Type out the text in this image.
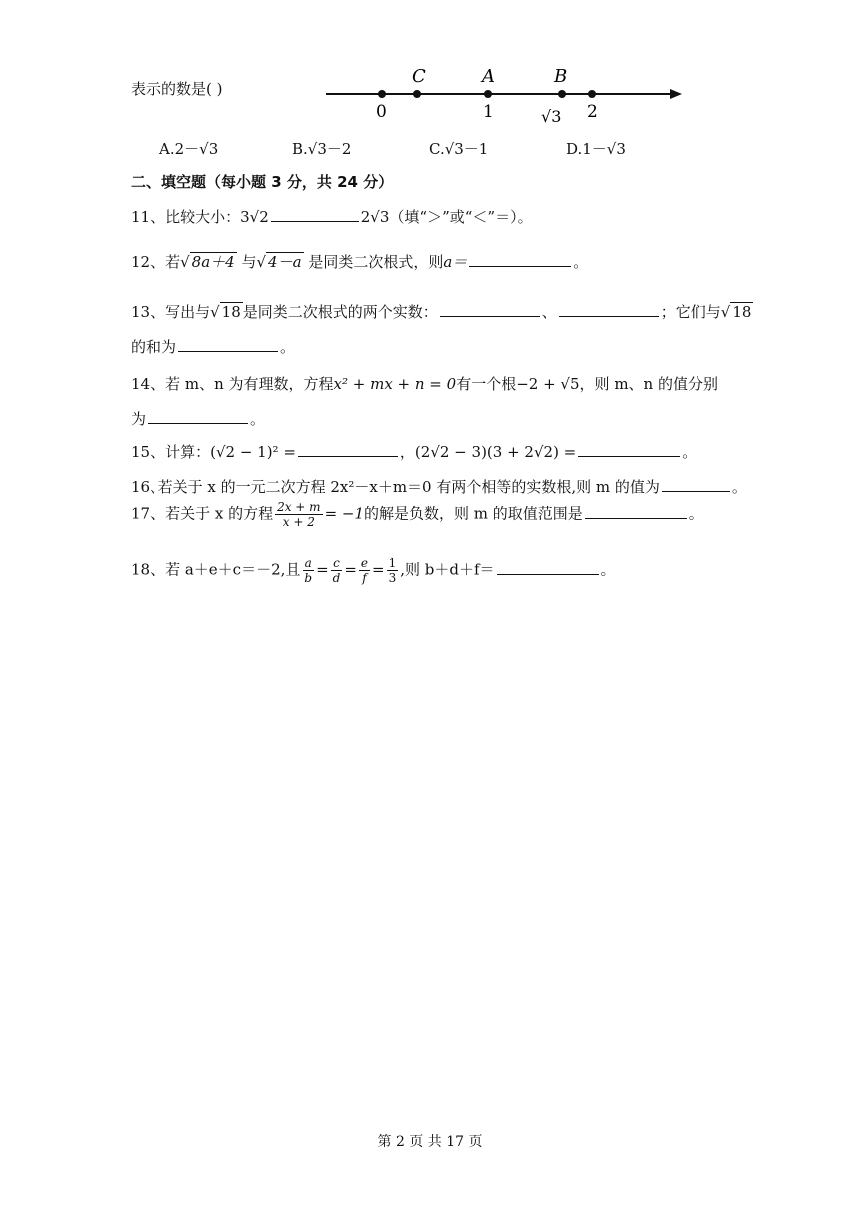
表示的数是( )
C	A	B
0	1	√3 2
A.2－√3	B.√3－2	C.√3－1	D.1－√3
二、填空题（每小题 3 分，共 24 分）
11、比较大小：3√2	2√3（填“＞”或“＜”＝）。
12、若√ 8a＋4 与√ 4－a 是同类二次根式，则a＝	。
13、写出与√ 18 是同类二次根式的两个实数：	、	；它们与√ 18
的和为	。
14、若 m、n 为有理数，方程x² + mx + n = 0有一个根−2 + √5，则 m、n 的值分别
为	。
15、计算：(√2 − 1)² =	，(2√2 − 3)(3 + 2√2) =	。
16､若关于 x 的一元二次方程 2x²－x＋m＝0 有两个相等的实数根,则 m 的值为	。
17、若关于 x 的方程 $\frac{2x + m}{x + 2} = -1$的解是负数，则 m 的取值范围是	。
18、若 a＋e＋c＝－2,且 $\frac{a}{b} = \frac{c}{d} = \frac{e}{f} = \frac{1}{3}$ ,则 b＋d＋f＝	。
第 2 页 共 17 页
